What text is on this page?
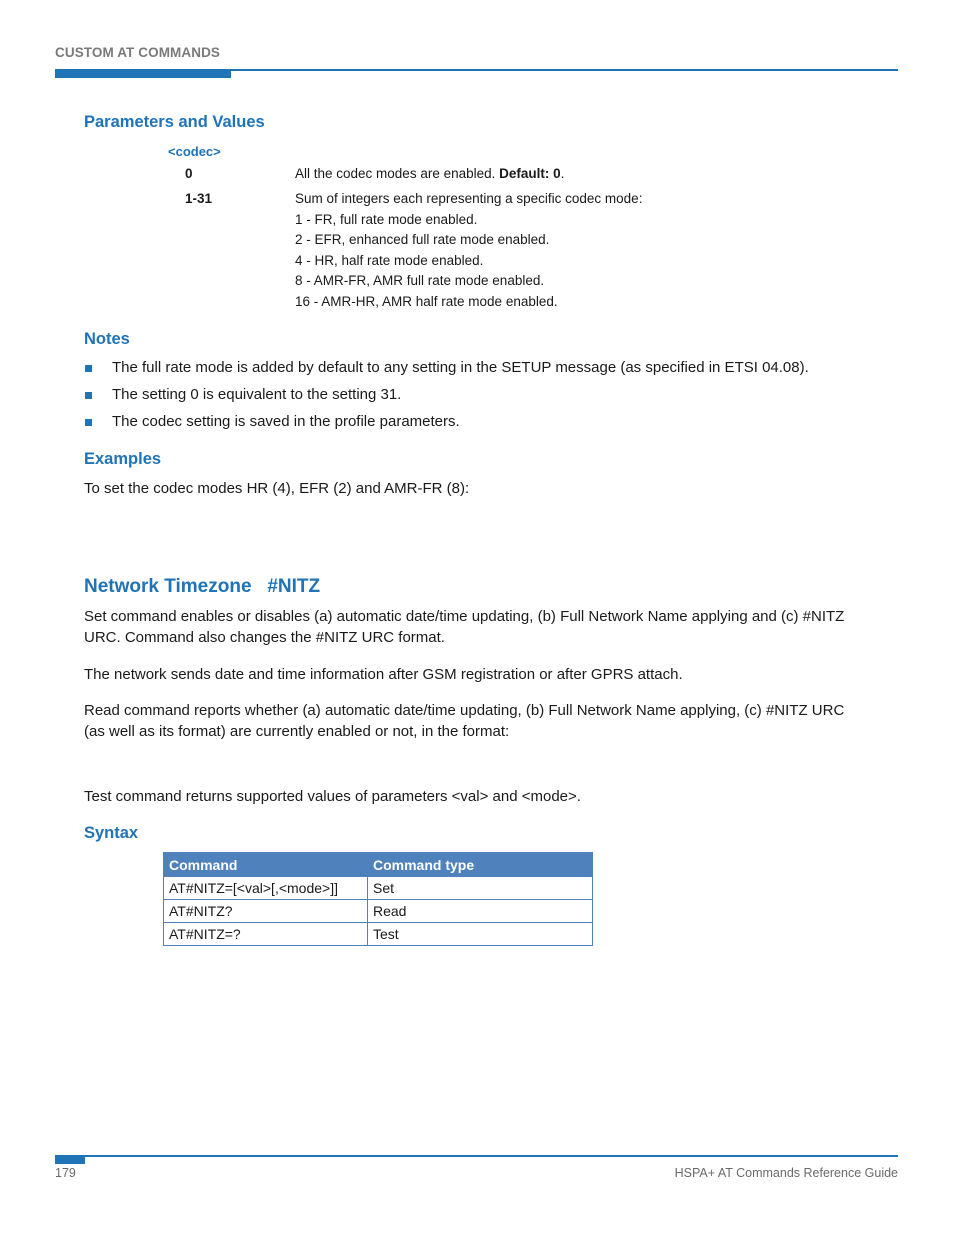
CUSTOM AT COMMANDS
Parameters and Values
<codec>
0	All the codec modes are enabled. Default: 0.
1-31	Sum of integers each representing a specific codec mode:
1 - FR, full rate mode enabled.
2 - EFR, enhanced full rate mode enabled.
4 - HR, half rate mode enabled.
8 - AMR-FR, AMR full rate mode enabled.
16 - AMR-HR, AMR half rate mode enabled.
Notes
The full rate mode is added by default to any setting in the SETUP message (as specified in ETSI 04.08).
The setting 0 is equivalent to the setting 31.
The codec setting is saved in the profile parameters.
Examples
To set the codec modes HR (4), EFR (2) and AMR-FR (8):
Network Timezone   #NITZ
Set command enables or disables (a) automatic date/time updating, (b) Full Network Name applying and (c) #NITZ
URC. Command also changes the #NITZ URC format.
The network sends date and time information after GSM registration or after GPRS attach.
Read command reports whether (a) automatic date/time updating, (b) Full Network Name applying, (c) #NITZ URC
(as well as its format) are currently enabled or not, in the format:
Test command returns supported values of parameters <val> and <mode>.
Syntax
Command	Command type
AT#NITZ=[<val>[,<mode>]]	Set
AT#NITZ?	Read
AT#NITZ=?	Test
179	HSPA+ AT Commands Reference Guide
